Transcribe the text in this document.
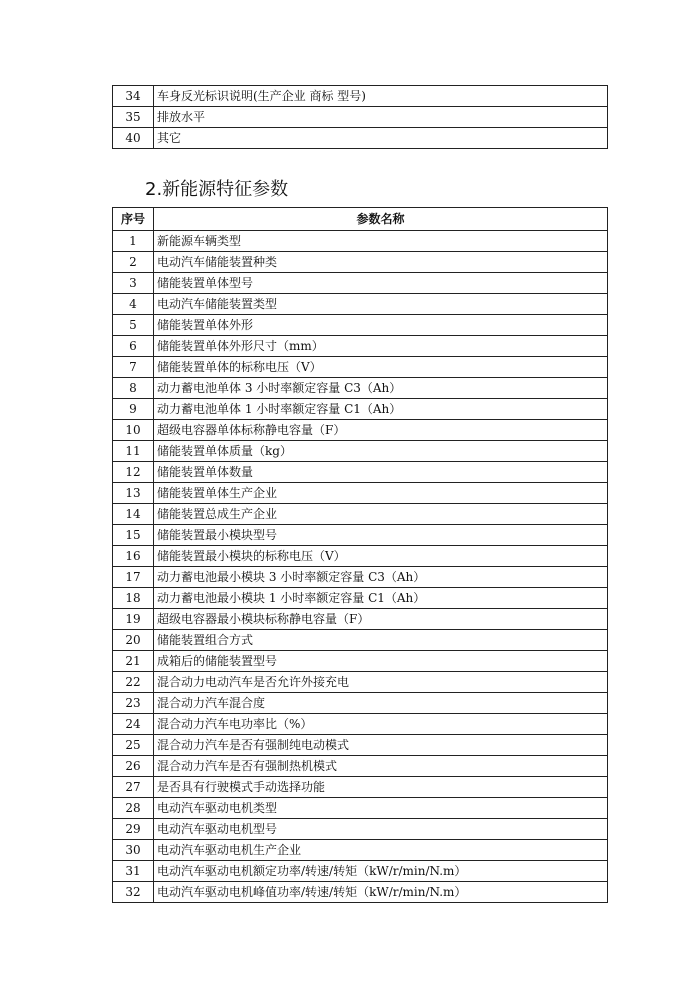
34	车身反光标识说明(生产企业 商标 型号)
35	排放水平
40	其它
2.新能源特征参数
序号	参数名称
1	新能源车辆类型
2	电动汽车储能装置种类
3	储能装置单体型号
4	电动汽车储能装置类型
5	储能装置单体外形
6	储能装置单体外形尺寸（mm）
7	储能装置单体的标称电压（V）
8	动力蓄电池单体 3 小时率额定容量 C3（Ah）
9	动力蓄电池单体 1 小时率额定容量 C1（Ah）
10	超级电容器单体标称静电容量（F）
11	储能装置单体质量（kg）
12	储能装置单体数量
13	储能装置单体生产企业
14	储能装置总成生产企业
15	储能装置最小模块型号
16	储能装置最小模块的标称电压（V）
17	动力蓄电池最小模块 3 小时率额定容量 C3（Ah）
18	动力蓄电池最小模块 1 小时率额定容量 C1（Ah）
19	超级电容器最小模块标称静电容量（F）
20	储能装置组合方式
21	成箱后的储能装置型号
22	混合动力电动汽车是否允许外接充电
23	混合动力汽车混合度
24	混合动力汽车电功率比（%）
25	混合动力汽车是否有强制纯电动模式
26	混合动力汽车是否有强制热机模式
27	是否具有行驶模式手动选择功能
28	电动汽车驱动电机类型
29	电动汽车驱动电机型号
30	电动汽车驱动电机生产企业
31	电动汽车驱动电机额定功率/转速/转矩（kW/r/min/N.m）
32	电动汽车驱动电机峰值功率/转速/转矩（kW/r/min/N.m）
